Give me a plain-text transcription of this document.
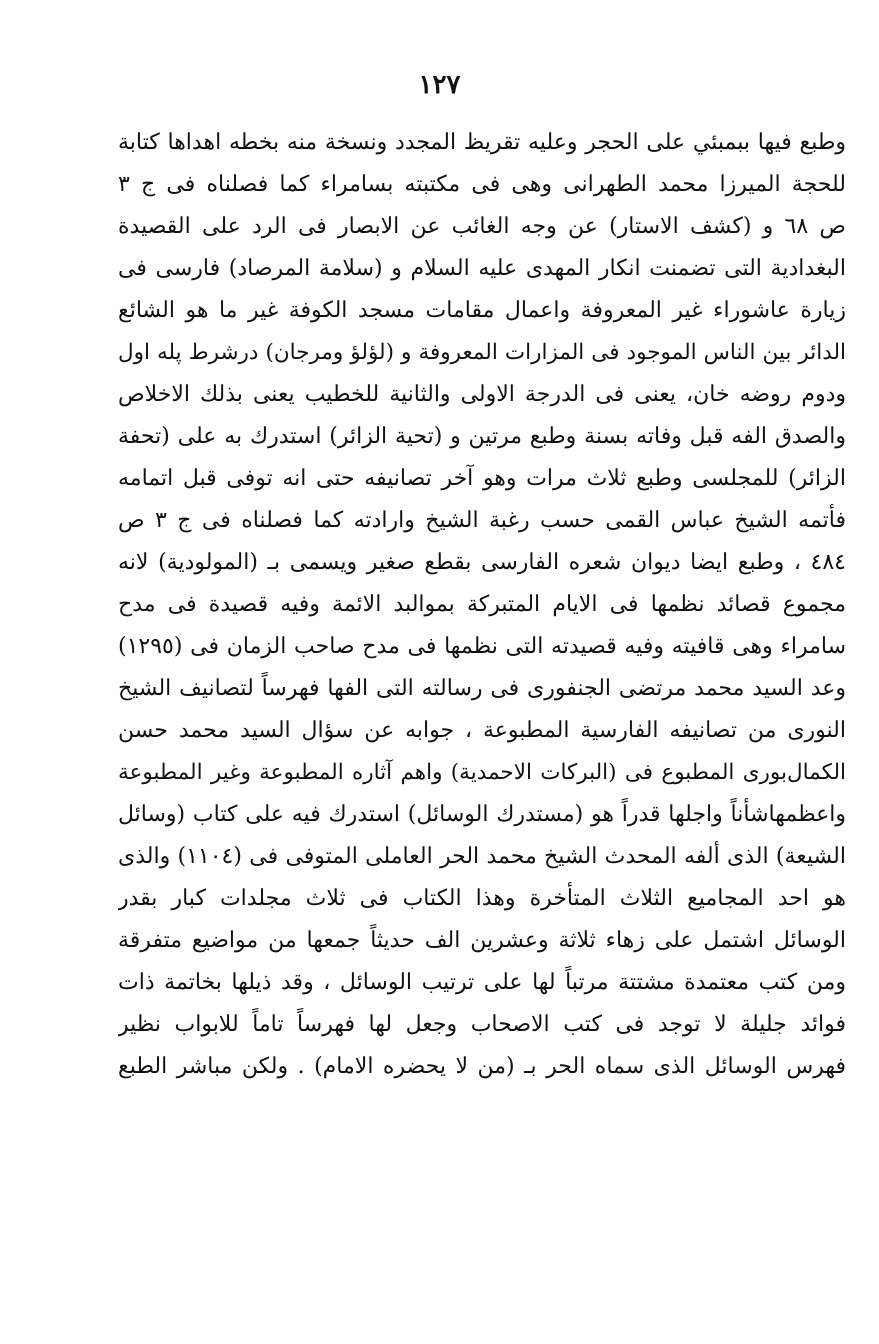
١٢٧
وطبع فيها ببمبئي على الحجر وعليه تقريظ المجدد ونسخة منه بخطه اهداها كتابة
للحجة الميرزا محمد الطهرانى وهى فى مكتبته بسامراء كما فصلناه فى ج ٣
ص ٦٨ و (كشف الاستار) عن وجه الغائب عن الابصار فى الرد على القصيدة
البغدادية التى تضمنت انكار المهدى عليه السلام و (سلامة المرصاد) فارسى فى
زيارة عاشوراء غير المعروفة واعمال مقامات مسجد الكوفة غير ما هو الشائع
الدائر بين الناس الموجود فى المزارات المعروفة و (لؤلؤ ومرجان) درشرط پله اول
ودوم روضه خان، يعنى فى الدرجة الاولى والثانية للخطيب يعنى بذلك الاخلاص
والصدق الفه قبل وفاته بسنة وطبع مرتين و (تحية الزائر) استدرك به على (تحفة
الزائر) للمجلسى وطبع ثلاث مرات وهو آخر تصانيفه حتى انه توفى قبل اتمامه
فأتمه الشيخ عباس القمى حسب رغبة الشيخ وارادته كما فصلناه فى ج ٣ ص
٤٨٤ ، وطبع ايضا ديوان شعره الفارسى بقطع صغير ويسمى بـ (المولودية) لانه
مجموع قصائد نظمها فى الايام المتبركة بموالبد الائمة وفيه قصيدة فى مدح
سامراء وهى قافيته وفيه قصيدته التى نظمها فى مدح صاحب الزمان فى (١٢٩٥)
وعد السيد محمد مرتضى الجنفورى فى رسالته التى الفها فهرساً لتصانيف الشيخ
النورى من تصانيفه الفارسية المطبوعة ، جوابه عن سؤال السيد محمد حسن
الكمال‌بورى المطبوع فى (البركات الاحمدية) واهم آثاره المطبوعة وغير المطبوعة
واعظمهاشأناً واجلها قدراً هو (مستدرك الوسائل) استدرك فيه على كتاب (وسائل
الشيعة) الذى ألفه المحدث الشيخ محمد الحر العاملى المتوفى فى (١١٠٤) والذى
هو احد المجاميع الثلاث المتأخرة وهذا الكتاب فى ثلاث مجلدات كبار بقدر
الوسائل اشتمل على زهاء ثلاثة وعشرين الف حديثاً جمعها من مواضيع متفرقة
ومن كتب معتمدة مشتتة مرتباً لها على ترتيب الوسائل ، وقد ذيلها بخاتمة ذات
فوائد جليلة لا توجد فى كتب الاصحاب وجعل لها فهرساً تاماً للابواب نظير
فهرس الوسائل الذى سماه الحر بـ (من لا يحضره الامام) . ولكن مباشر الطبع
